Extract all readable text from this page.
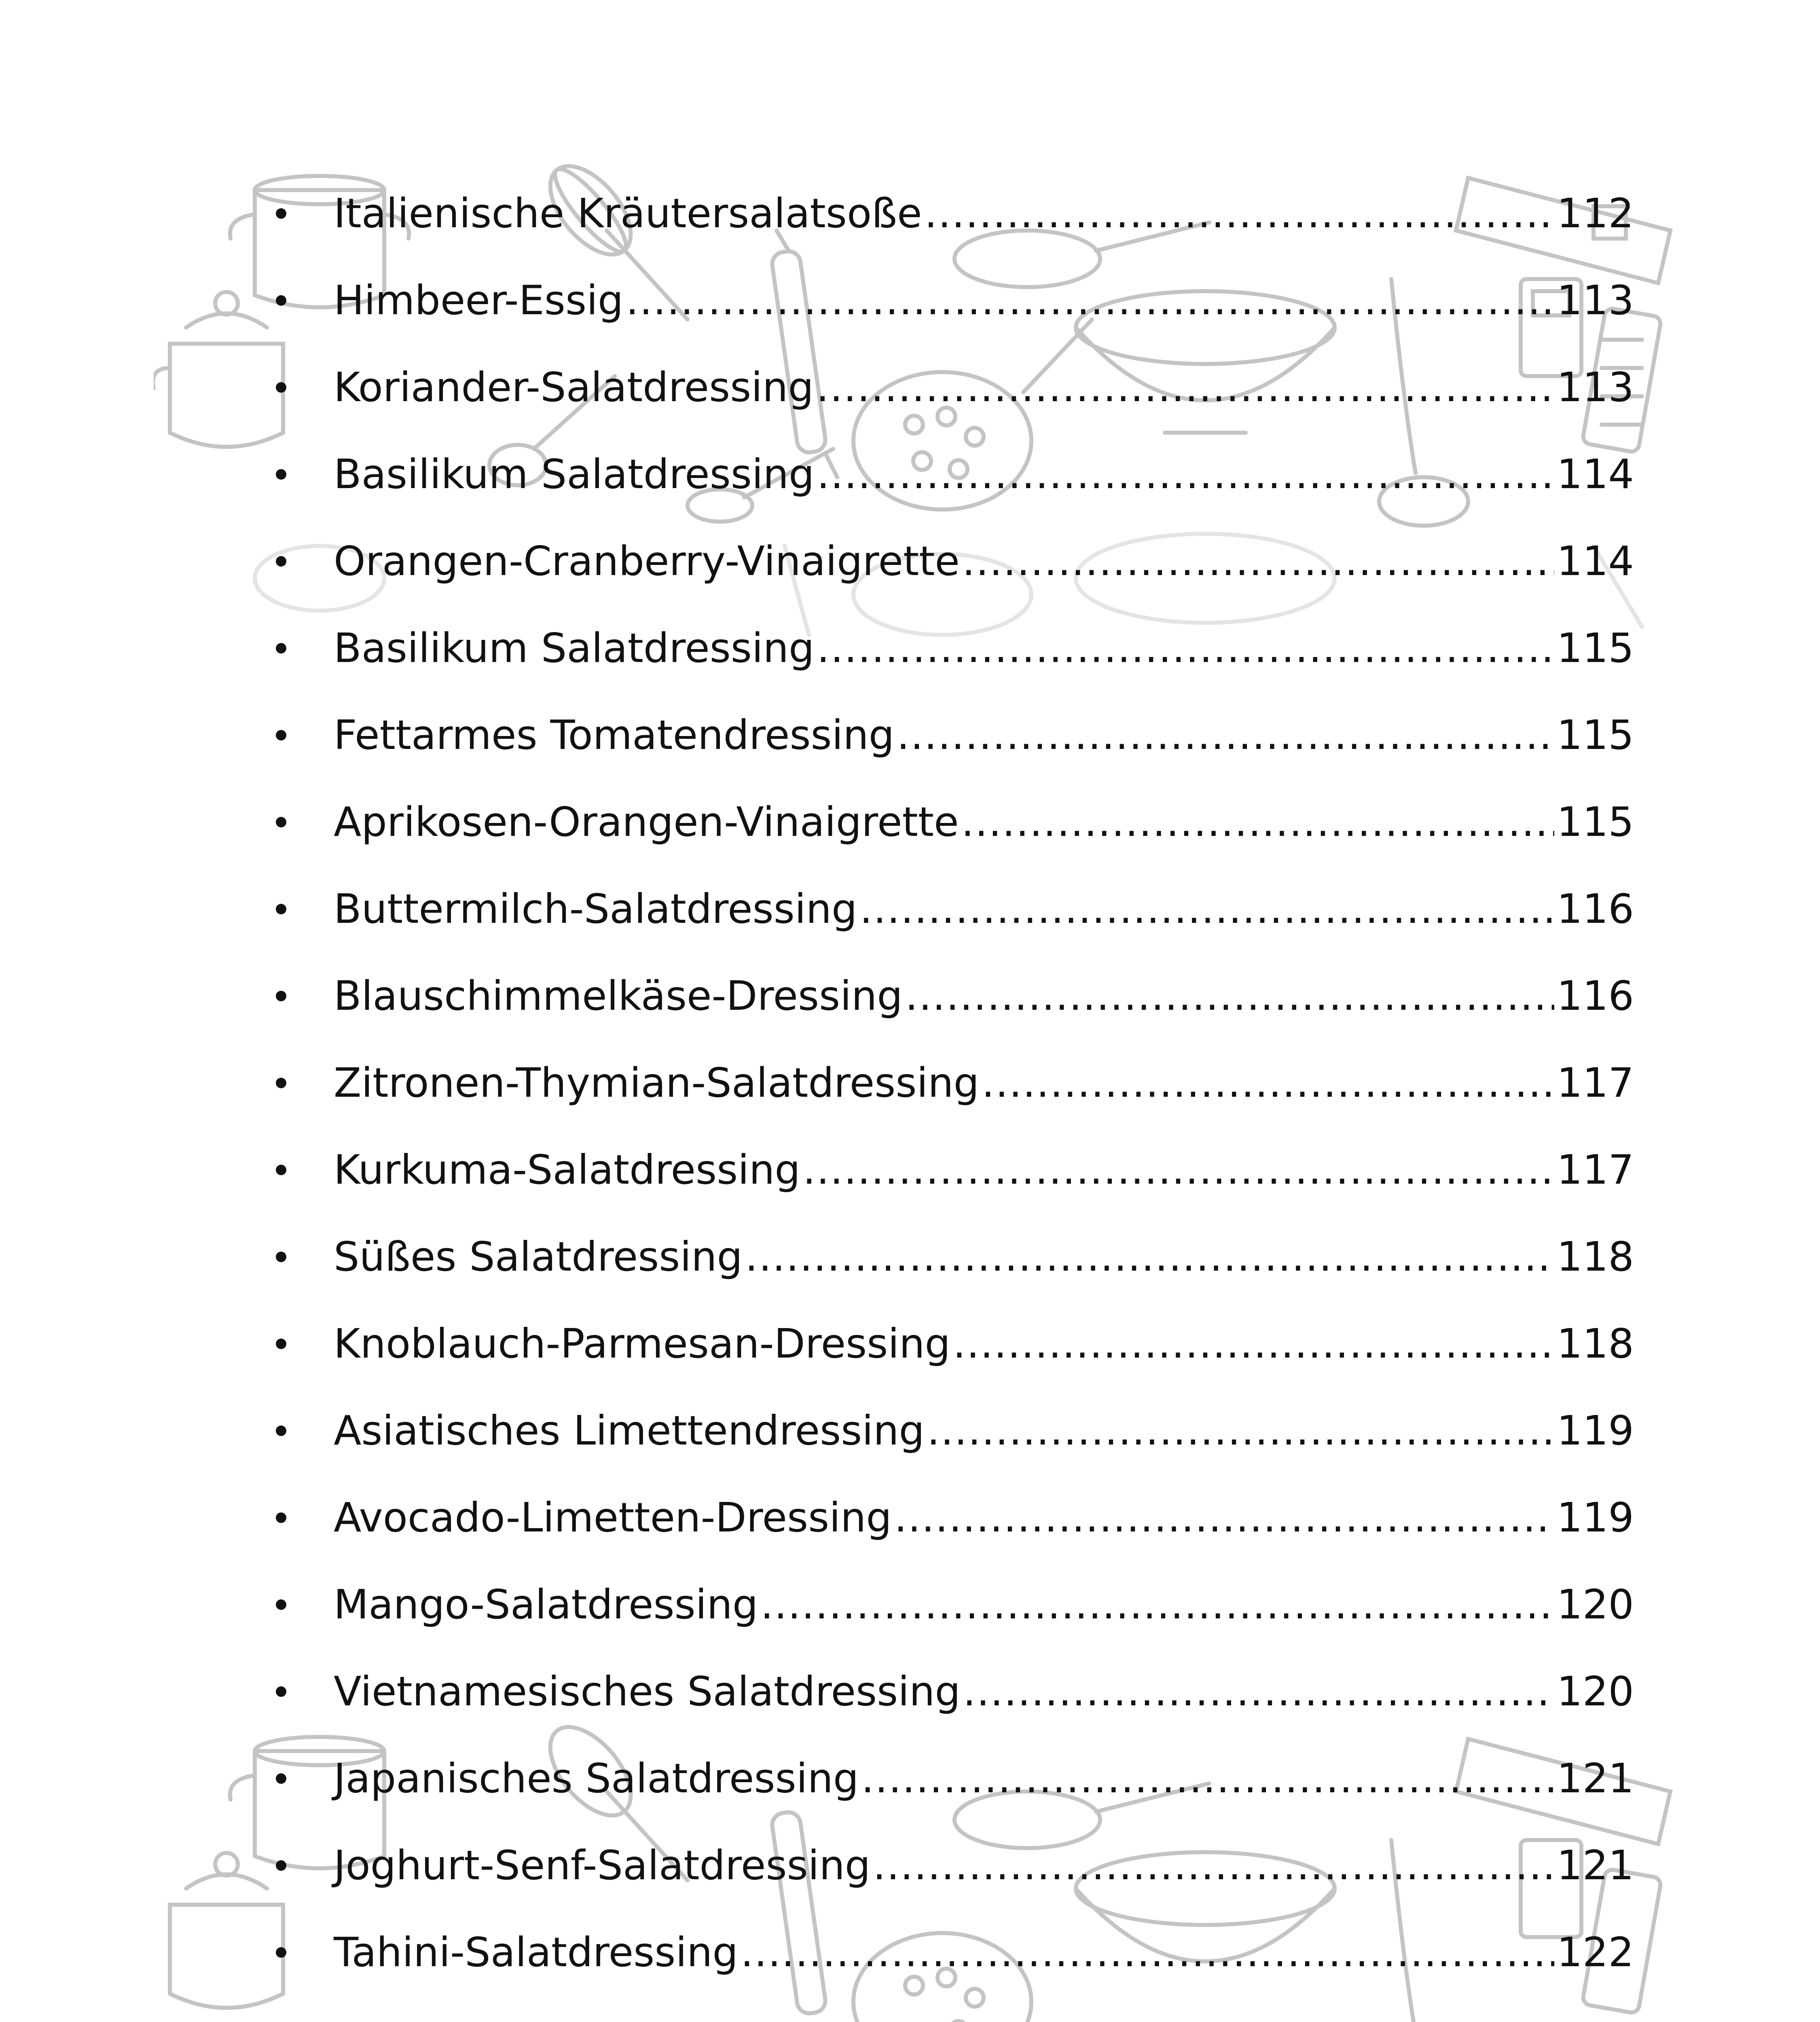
Italienische Kräutersalatsoße .....	112
Himbeer-Essig .....	113
Koriander-Salatdressing .....	113
Basilikum Salatdressing .....	114
Orangen-Cranberry-Vinaigrette .....	114
Basilikum Salatdressing .....	115
Fettarmes Tomatendressing .....	115
Aprikosen-Orangen-Vinaigrette .....	115
Buttermilch-Salatdressing .....	116
Blauschimmelkäse-Dressing .....	116
Zitronen-Thymian-Salatdressing .....	117
Kurkuma-Salatdressing .....	117
Süßes Salatdressing .....	118
Knoblauch-Parmesan-Dressing .....	118
Asiatisches Limettendressing .....	119
Avocado-Limetten-Dressing .....	119
Mango-Salatdressing .....	120
Vietnamesisches Salatdressing .....	120
Japanisches Salatdressing .....	121
Joghurt-Senf-Salatdressing .....	121
Tahini-Salatdressing .....	122
